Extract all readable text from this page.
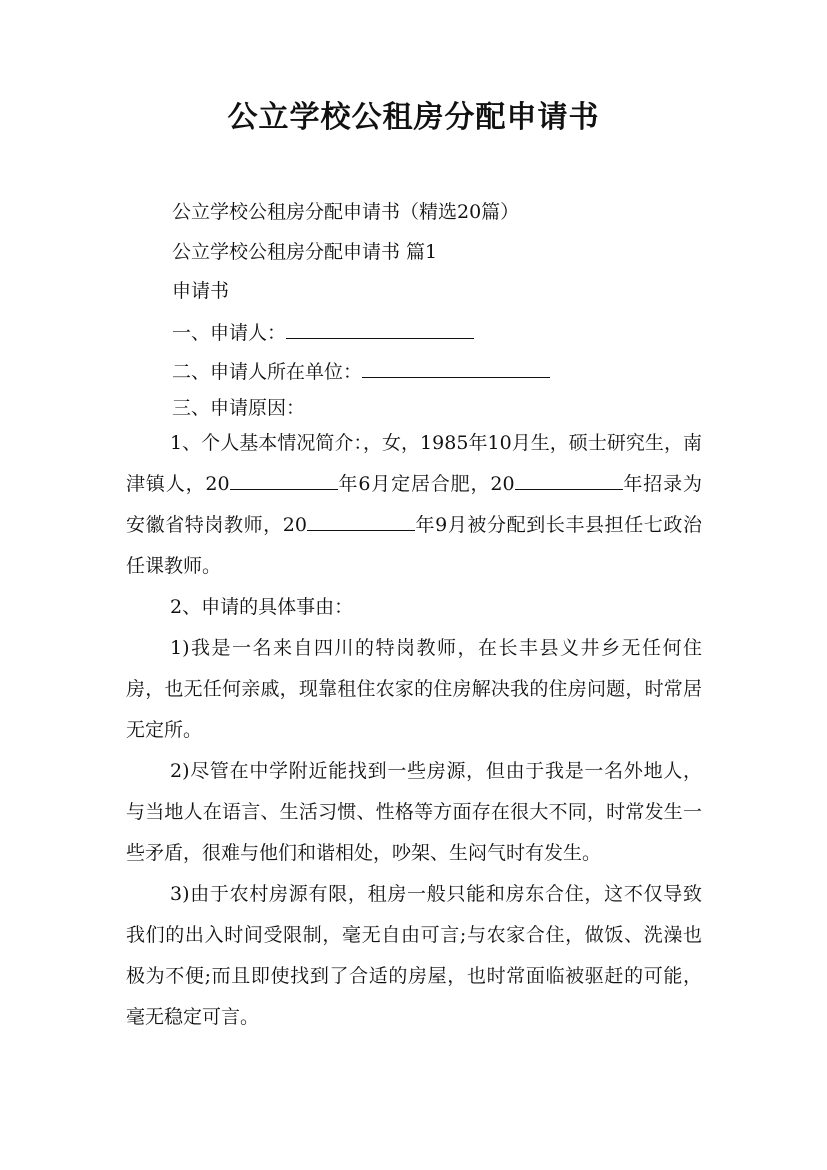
公立学校公租房分配申请书
公立学校公租房分配申请书（精选20篇）
公立学校公租房分配申请书 篇1
申请书
一、申请人：
二、申请人所在单位：
三、申请原因：

1、个人基本情况简介：，女，1985年10月生，硕士研究生，南津镇人，20	年6月定居合肥，20	年招录为安徽省特岗教师，20	年9月被分配到长丰县担任七政治任课教师。

2、申请的具体事由：

1)我是一名来自四川的特岗教师，在长丰县义井乡无任何住房，也无任何亲戚，现靠租住农家的住房解决我的住房问题，时常居无定所。

2)尽管在中学附近能找到一些房源，但由于我是一名外地人，与当地人在语言、生活习惯、性格等方面存在很大不同，时常发生一些矛盾，很难与他们和谐相处，吵架、生闷气时有发生。

3)由于农村房源有限，租房一般只能和房东合住，这不仅导致我们的出入时间受限制，毫无自由可言;与农家合住，做饭、洗澡也极为不便;而且即使找到了合适的房屋，也时常面临被驱赶的可能，毫无稳定可言。
